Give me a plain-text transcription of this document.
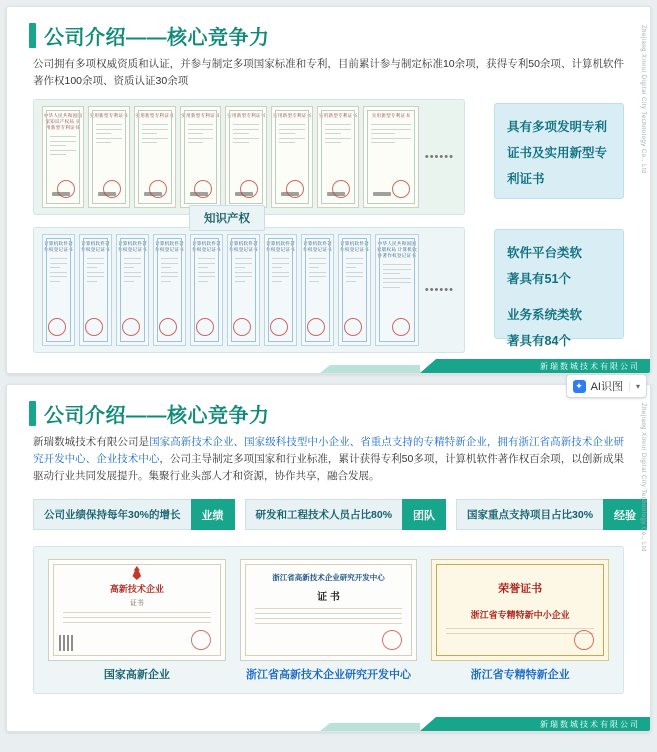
公司介绍——核心竞争力
公司拥有多项权威资质和认证，并参与制定多项国家标准和专利，目前累计参与制定标准10余项，获得专利50余项、计算机软件著作权100余项、资质认证30余项
中华人民共和国国家知识产权局 实用新型专利证书
实用新型专利证书 实用新型专利证书 实用新型专利证书 实用新型专利证书 实用新型专利证书 实用新型专利证书	实用新型专利证书
••••••
计算机软件著作权登记证书
计算机软件著作权登记证书
计算机软件著作权登记证书
计算机软件著作权登记证书
计算机软件著作权登记证书
计算机软件著作权登记证书
计算机软件著作权登记证书
计算机软件著作权登记证书
计算机软件著作权登记证书
中华人民共和国国家版权局 计算机软件著作权登记证书
••••••
知识产权
具有多项发明专利
证书及实用新型专
利证书
软件平台类软
著具有51个
业务系统类软
著具有84个
Zhejiang Xinrui Digital City Technology Co., Ltd
新瑞数城技术有限公司
✦ AI识图	▾
公司介绍——核心竞争力
新瑞数城技术有限公司是国家高新技术企业、国家级科技型中小企业、省重点支持的专精特新企业，拥有浙江省高新技术企业研究开发中心、企业技术中心，公司主导制定多项国家和行业标准，累计获得专利50多项，计算机软件著作权百余项，以创新成果驱动行业共同发展提升。集聚行业头部人才和资源，协作共享，融合发展。
公司业绩保持每年30%的增长	业绩	研发和工程技术人员占比80%	团队	国家重点支持项目占比30%	经验
高新技术企业
证书
国家高新企业
浙江省高新技术企业研究开发中心
证 书
浙江省高新技术企业研究开发中心
荣誉证书
浙江省专精特新中小企业
浙江省专精特新企业
Zhejiang Xinrui Digital City Technology Co., Ltd
新瑞数城技术有限公司
